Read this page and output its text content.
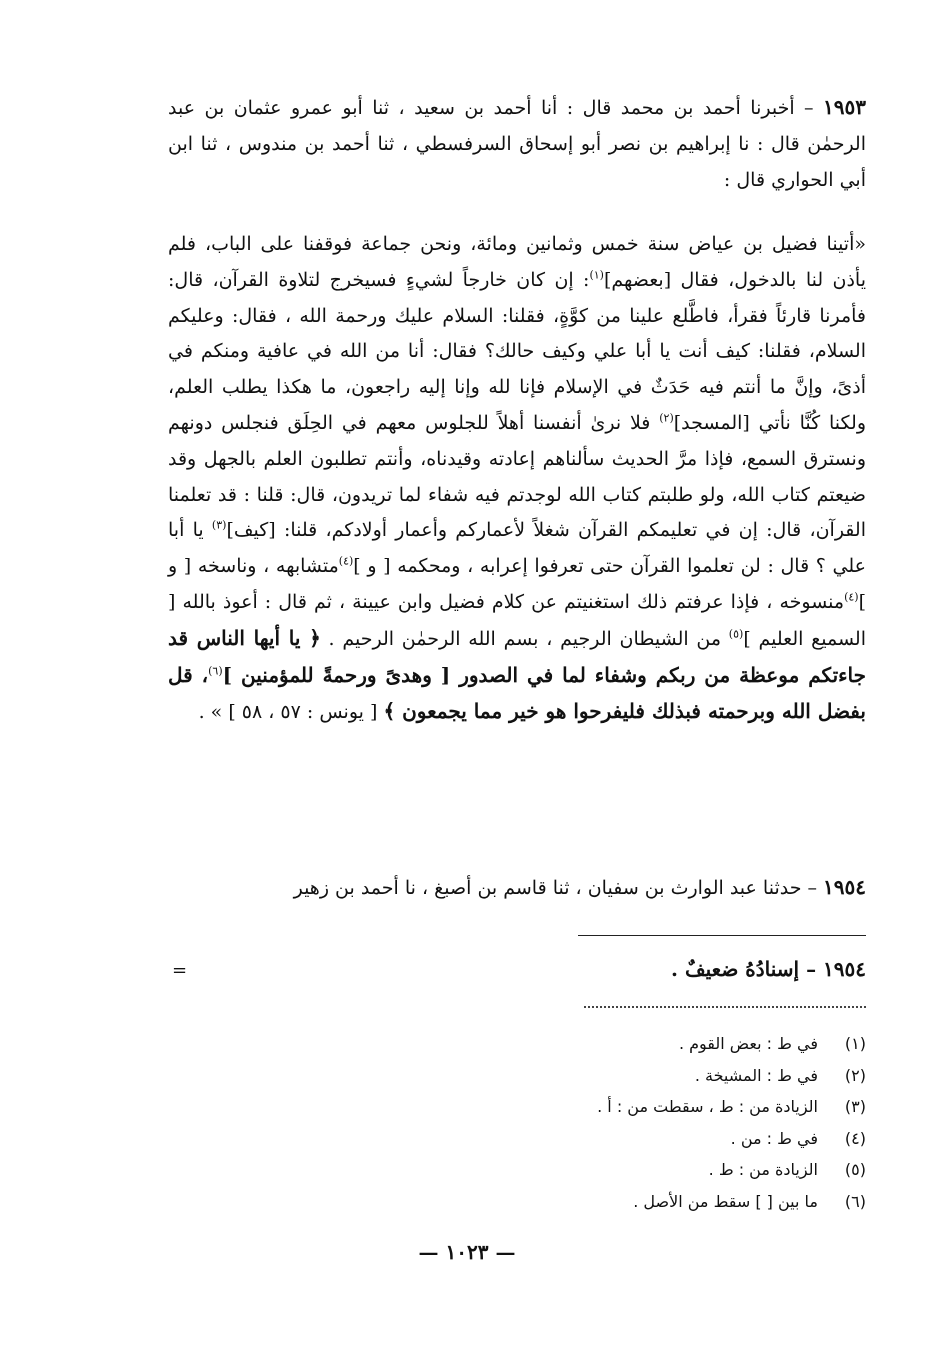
١٩٥٣ – أخبرنا أحمد بن محمد قال : أنا أحمد بن سعيد ، ثنا أبو عمرو عثمان بن عبد الرحمٰن قال : نا إبراهيم بن نصر أبو إسحاق السرفسطي ، ثنا أحمد بن مندوس ، ثنا ابن أبي الحواري قال :

«أتينا فضيل بن عياض سنة خمس وثمانين ومائة، ونحن جماعة فوقفنا على الباب، فلم يأذن لنا بالدخول، فقال [بعضهم]$^{(١)}$: إن كان خارجاً لشيءٍ فسيخرج لتلاوة القرآن، قال: فأمرنا قارئاً فقرأ، فاطَّلع علينا من كوَّةٍ، فقلنا: السلام عليك ورحمة الله ، فقال: وعليكم السلام، فقلنا: كيف أنت يا أبا علي وكيف حالك؟ فقال: أنا من الله في عافية ومنكم في أذىً، وإنَّ ما أنتم فيه حَدَثٌ في الإسلام فإنا لله وإنا إليه راجعون، ما هكذا يطلب العلم، ولكنا كُنَّا نأتي [المسجد]$^{(٢)}$ فلا نرىٰ أنفسنا أهلاً للجلوس معهم في الحِلَق فنجلس دونهم ونسترق السمع، فإذا مرَّ الحديث سألناهم إعادته وقيدناه، وأنتم تطلبون العلم بالجهل وقد ضيعتم كتاب الله، ولو طلبتم كتاب الله لوجدتم فيه شفاء لما تريدون، قال: قلنا : قد تعلمنا القرآن، قال: إن في تعليمكم القرآن شغلاً لأعماركم وأعمار أولادكم، قلنا: [كيف]$^{(٣)}$ يا أبا علي ؟ قال : لن تعلموا القرآن حتى تعرفوا إعرابه ، ومحكمه [ و ]$^{(٤)}$متشابهه ، وناسخه [ و ]$^{(٤)}$منسوخه ، فإذا عرفتم ذلك استغنيتم عن كلام فضيل وابن عيينة ، ثم قال : أعوذ بالله [ السميع العليم ]$^{(٥)}$ من الشيطان الرجيم ، بسم الله الرحمٰن الرحيم . ﴿ يا أيها الناس قد جاءتكم موعظة من ربكم وشفاء لما في الصدور [ وهدىً ورحمةً للمؤمنين ]$^{(٦)}$، قل بفضل الله وبرحمته فبذلك فليفرحوا هو خير مما يجمعون ﴾ [ يونس : ٥٧ ، ٥٨ ] » .

١٩٥٤ – حدثنا عبد الوارث بن سفيان ، ثنا قاسم بن أصبغ ، نا أحمد بن زهير

١٩٥٤ – إسنادُهُ ضعيفٌ .
=
(١)
في ط : بعض القوم .
(٢)
في ط : المشيخة .
(٣)
الزيادة من : ط ، سقطت من : أ .
(٤)
في ط : من .
(٥)
الزيادة من : ط .
(٦)
ما بين [ ] سقط من الأصل .
— ١٠٢٣ —
